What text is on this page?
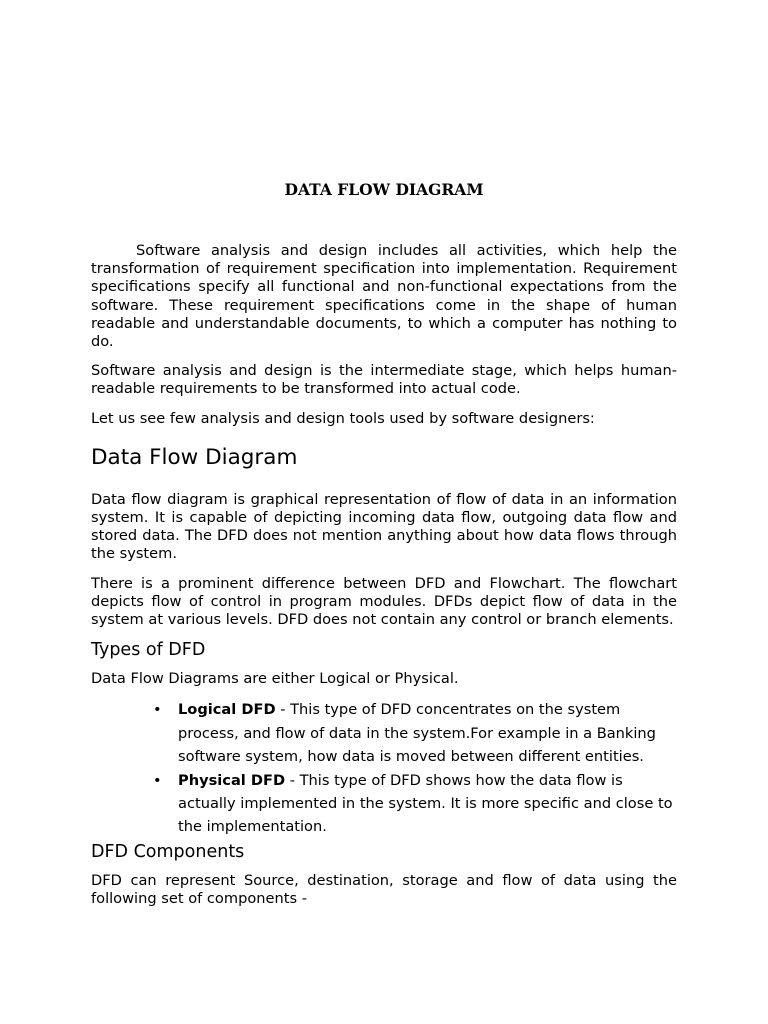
DATA FLOW DIAGRAM

Software analysis and design includes all activities, which help the transformation of requirement specification into implementation. Requirement specifications specify all functional and non-functional expectations from the software. These requirement specifications come in the shape of human readable and understandable documents, to which a computer has nothing to do.

Software analysis and design is the intermediate stage, which helps human-readable requirements to be transformed into actual code.

Let us see few analysis and design tools used by software designers:

Data Flow Diagram

Data flow diagram is graphical representation of flow of data in an information system. It is capable of depicting incoming data flow, outgoing data flow and stored data. The DFD does not mention anything about how data flows through the system.

There is a prominent difference between DFD and Flowchart. The flowchart depicts flow of control in program modules. DFDs depict flow of data in the system at various levels. DFD does not contain any control or branch elements.

Types of DFD

Data Flow Diagrams are either Logical or Physical.

• Logical DFD - This type of DFD concentrates on the system process, and flow of data in the system.For example in a Banking software system, how data is moved between different entities.
• Physical DFD - This type of DFD shows how the data flow is actually implemented in the system. It is more specific and close to the implementation.
DFD Components

DFD can represent Source, destination, storage and flow of data using the following set of components -
